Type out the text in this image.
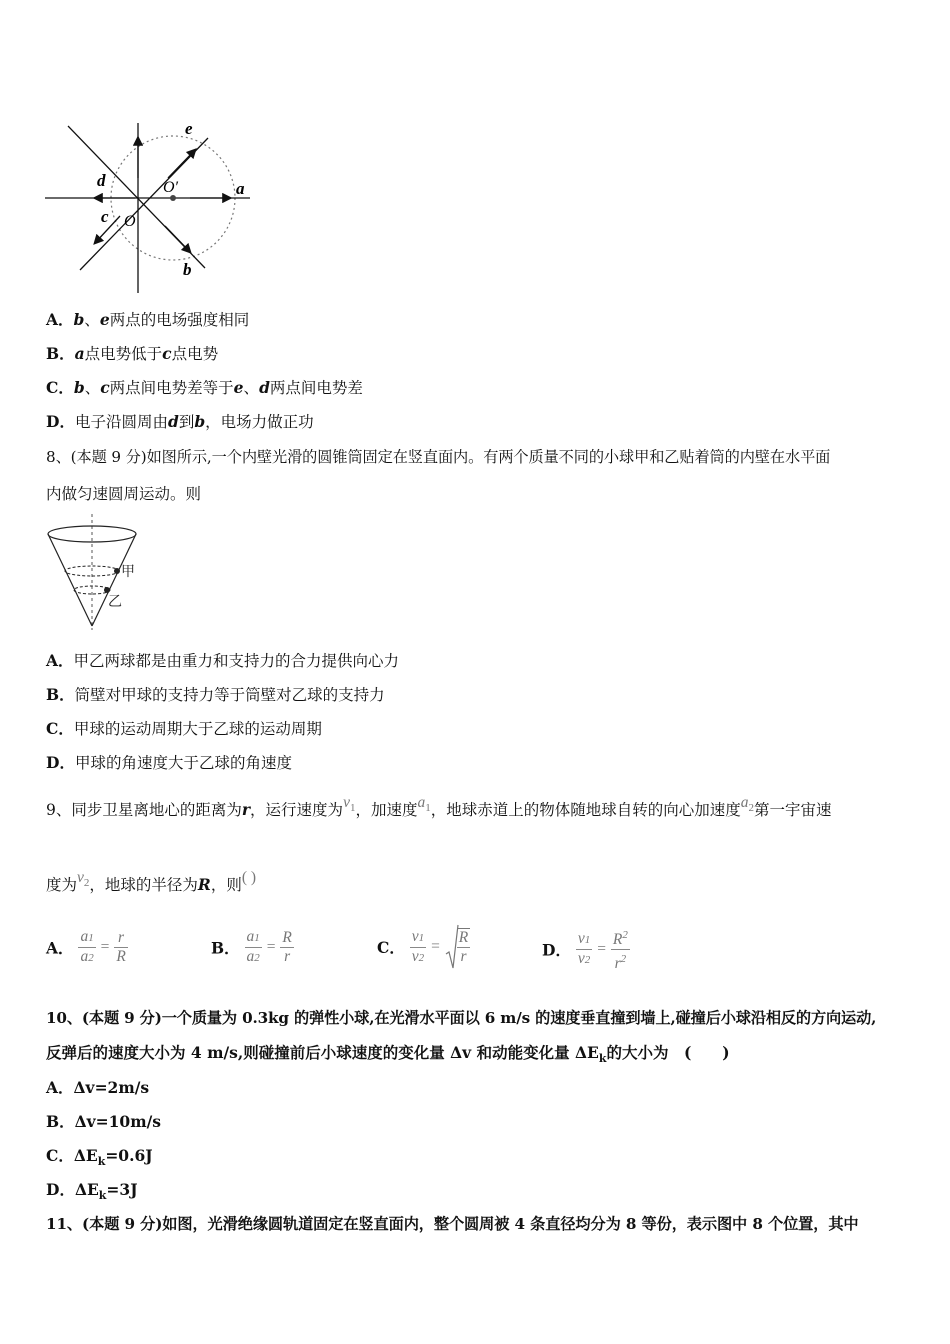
e
a
d	O′
c O
b
A．b、e两点的电场强度相同
B．a点电势低于c点电势
C．b、c两点间电势差等于e、d两点间电势差
D．电子沿圆周由d到b，电场力做正功
8、(本题 9 分)如图所示,一个内壁光滑的圆锥筒固定在竖直面内。有两个质量不同的小球甲和乙贴着筒的内壁在水平面
内做匀速圆周运动。则
甲
乙
A．甲乙两球都是由重力和支持力的合力提供向心力
B．筒壁对甲球的支持力等于筒壁对乙球的支持力
C．甲球的运动周期大于乙球的运动周期
D．甲球的角速度大于乙球的角速度
9、同步卫星离地心的距离为r，运行速度为$v^1$，加速度$a^1$，地球赤道上的物体随地球自转的向心加速度$a^2$第一宇宙速
度为$v^2$，地球的半径为R，则( )
A． $\frac{a1}{a2} = \frac{r}{R}$	B． $\frac{a1}{a2} = \frac{R}{r}$	C． $\frac{v1}{v2} = \frac{R}{r}$	D． $\frac{v1}{v2} = \frac{R^2}{r^2}$
10、(本题 9 分)一个质量为 0.3kg 的弹性小球,在光滑水平面以 6 m/s 的速度垂直撞到墙上,碰撞后小球沿相反的方向运动,
反弹后的速度大小为 4 m/s,则碰撞前后小球速度的变化量 Δv 和动能变化量 $\Delta E_k$的大小为　(　　)
A．Δv=2m/s
B．Δv=10m/s
C．$\Delta E_k=0.6J$
D．$\Delta E_k=3J$
11、(本题 9 分)如图，光滑绝缘圆轨道固定在竖直面内，整个圆周被 4 条直径均分为 8 等份，表示图中 8 个位置，其中
